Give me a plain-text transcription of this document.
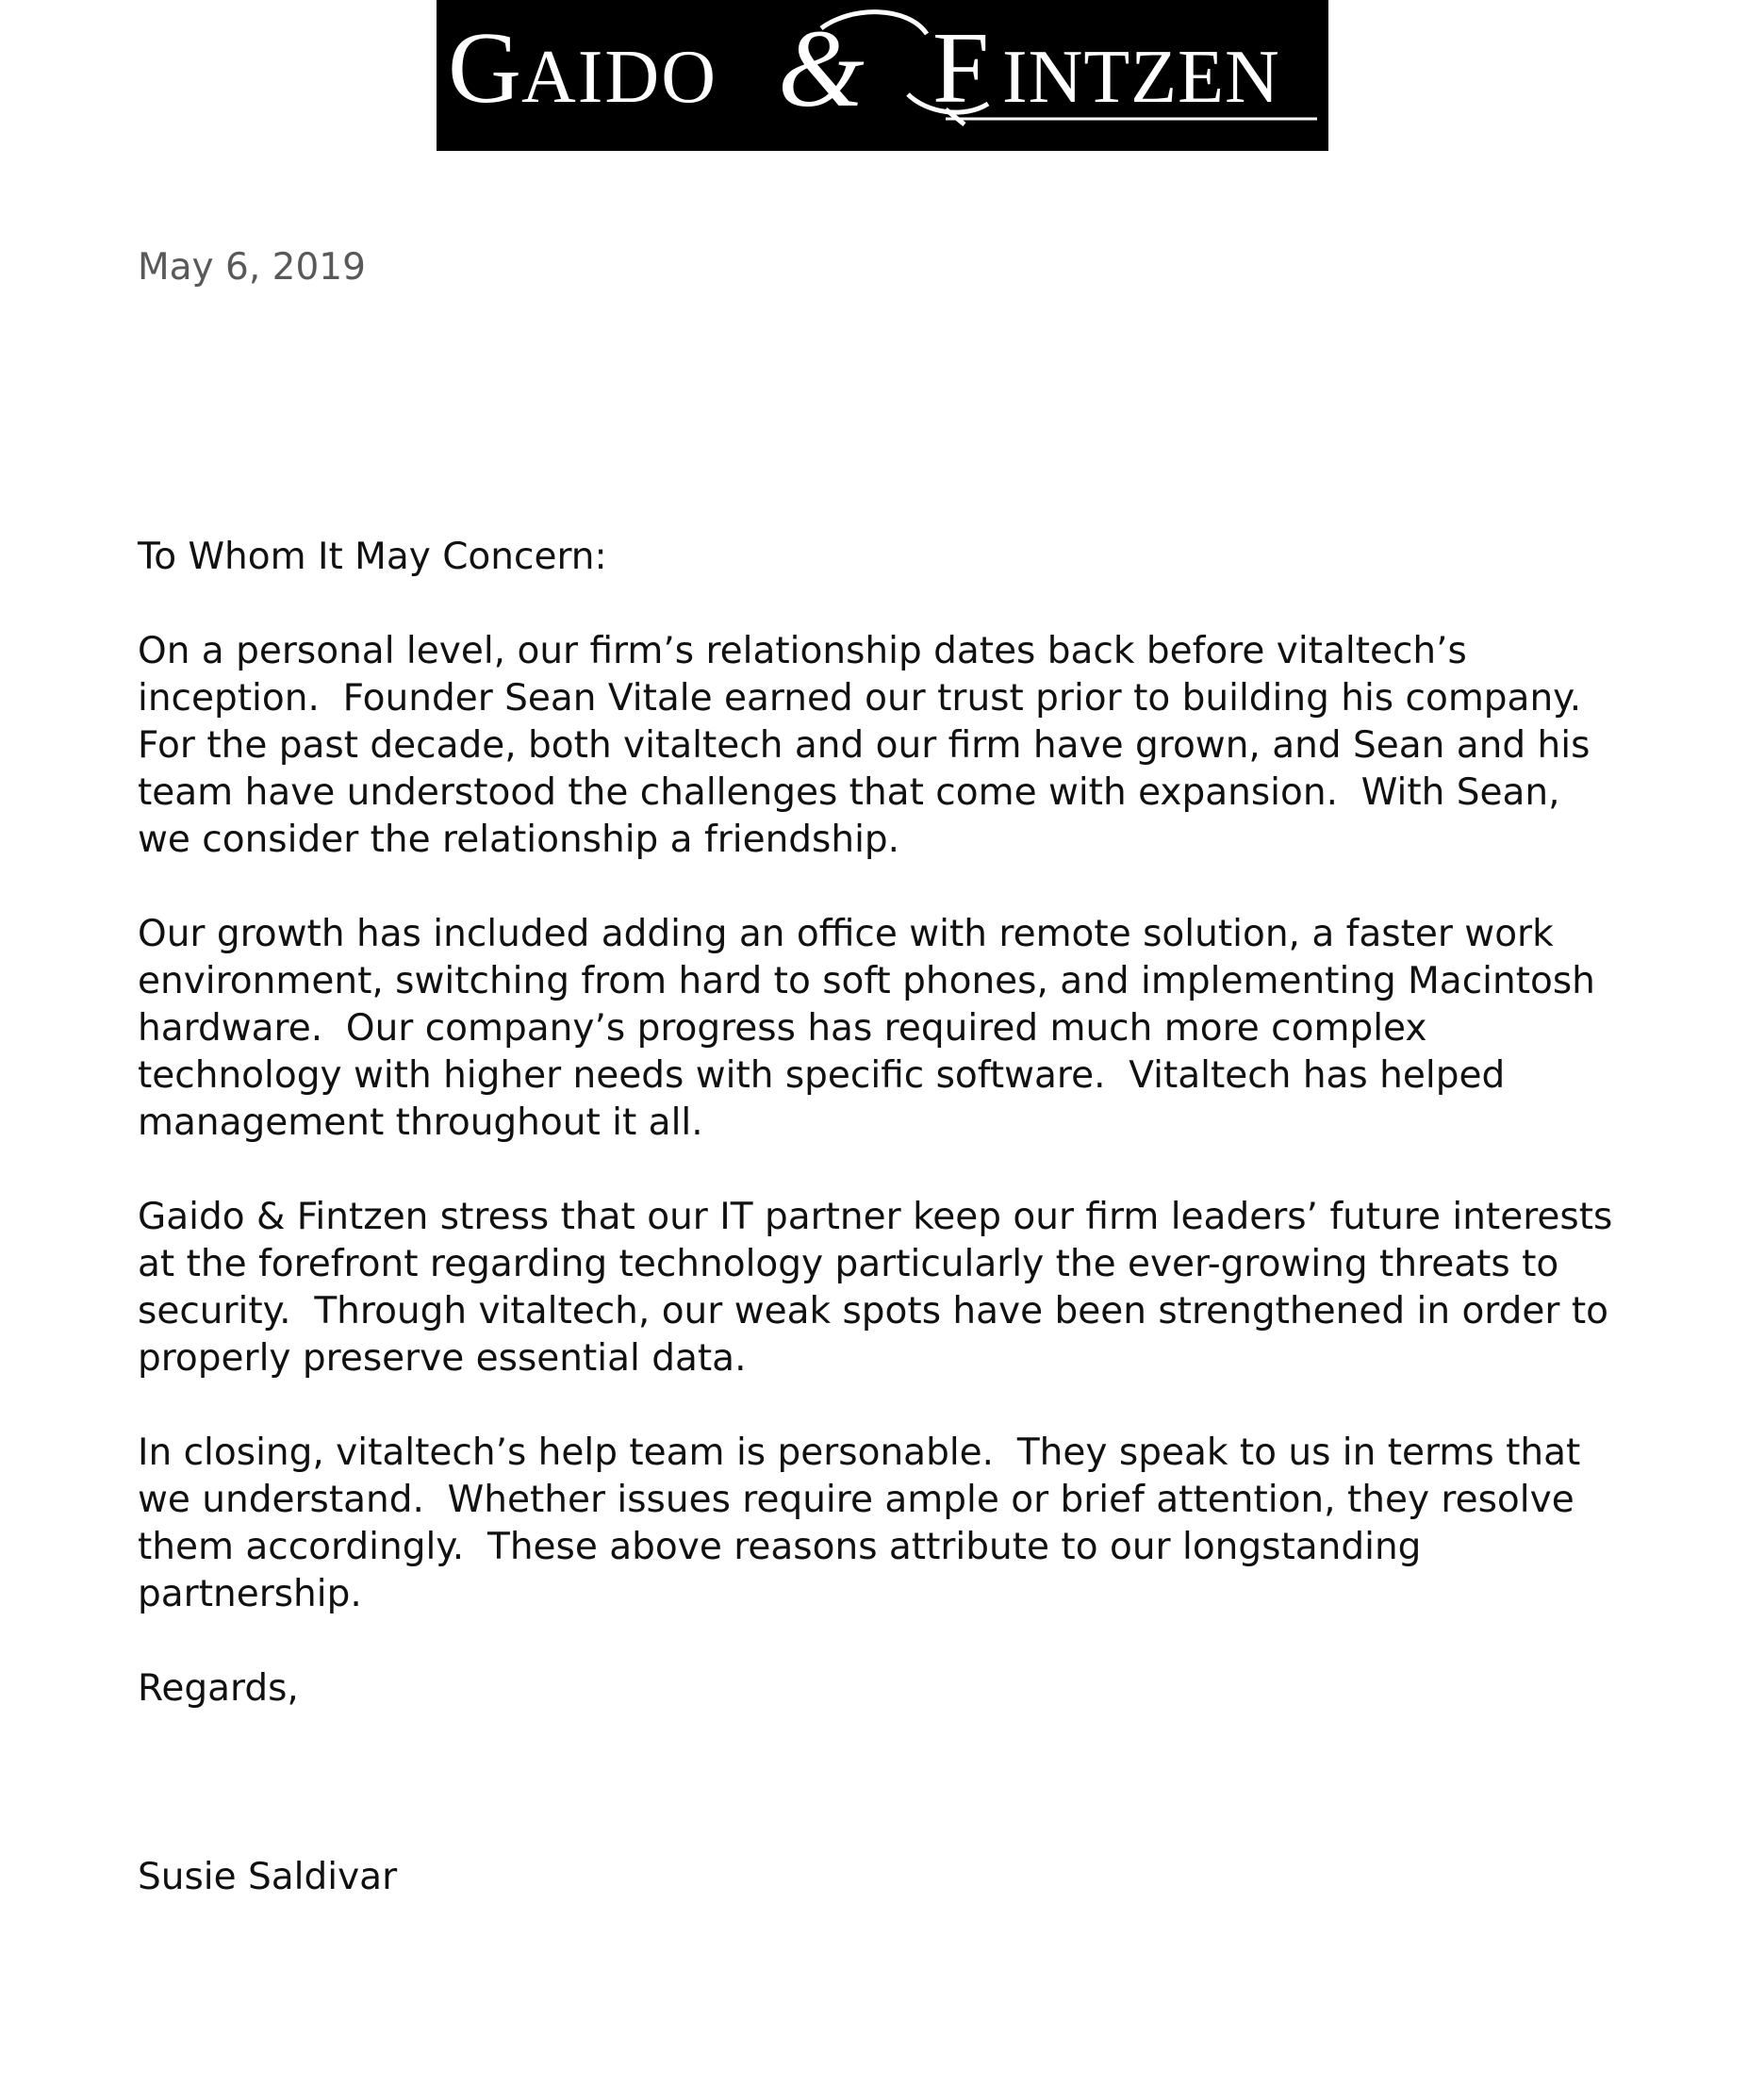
G AIDO & F INTZEN
May 6, 2019

To Whom It May Concern:

On a personal level, our firm’s relationship dates back before vitaltech’s
inception.  Founder Sean Vitale earned our trust prior to building his company.
For the past decade, both vitaltech and our firm have grown, and Sean and his
team have understood the challenges that come with expansion.  With Sean,
we consider the relationship a friendship.

Our growth has included adding an office with remote solution, a faster work
environment, switching from hard to soft phones, and implementing Macintosh
hardware.  Our company’s progress has required much more complex
technology with higher needs with specific software.  Vitaltech has helped
management throughout it all.

Gaido & Fintzen stress that our IT partner keep our firm leaders’ future interests
at the forefront regarding technology particularly the ever-growing threats to
security.  Through vitaltech, our weak spots have been strengthened in order to
properly preserve essential data.

In closing, vitaltech’s help team is personable.  They speak to us in terms that
we understand.  Whether issues require ample or brief attention, they resolve
them accordingly.  These above reasons attribute to our longstanding
partnership.

Regards,

Susie Saldivar
